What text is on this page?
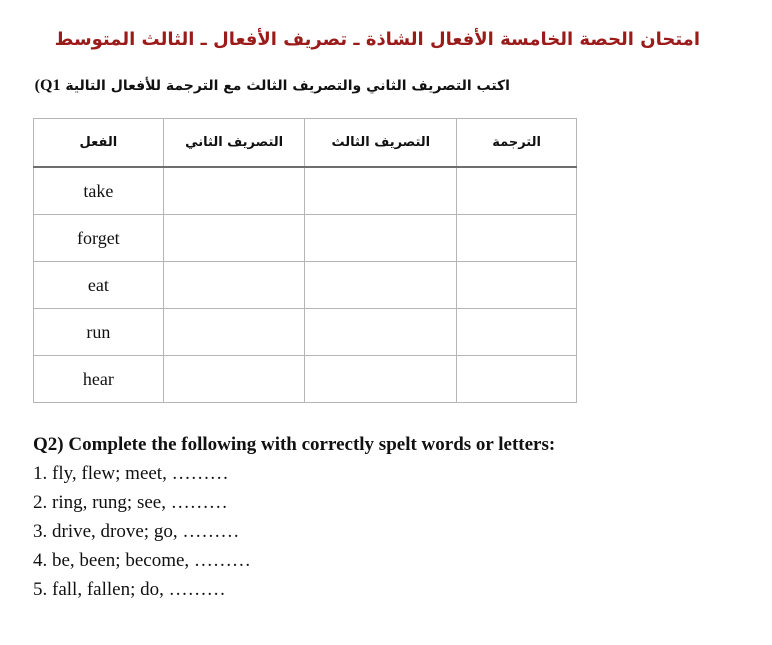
امتحان الحصة الخامسة الأفعال الشاذة ـ تصريف الأفعال ـ الثالث المتوسط
اكتب التصريف الثاني والتصريف الثالث مع الترجمة للأفعال التالية Q1)
الفعل	التصريف الثاني	التصريف الثالث	الترجمة
take			
forget			
eat			
run			
hear			
Q2) Complete the following with correctly spelt words or letters:
1. fly, flew; meet, ………
2. ring, rung; see, ………
3. drive, drove; go, ………
4. be, been; become, ………
5. fall, fallen; do, ………
